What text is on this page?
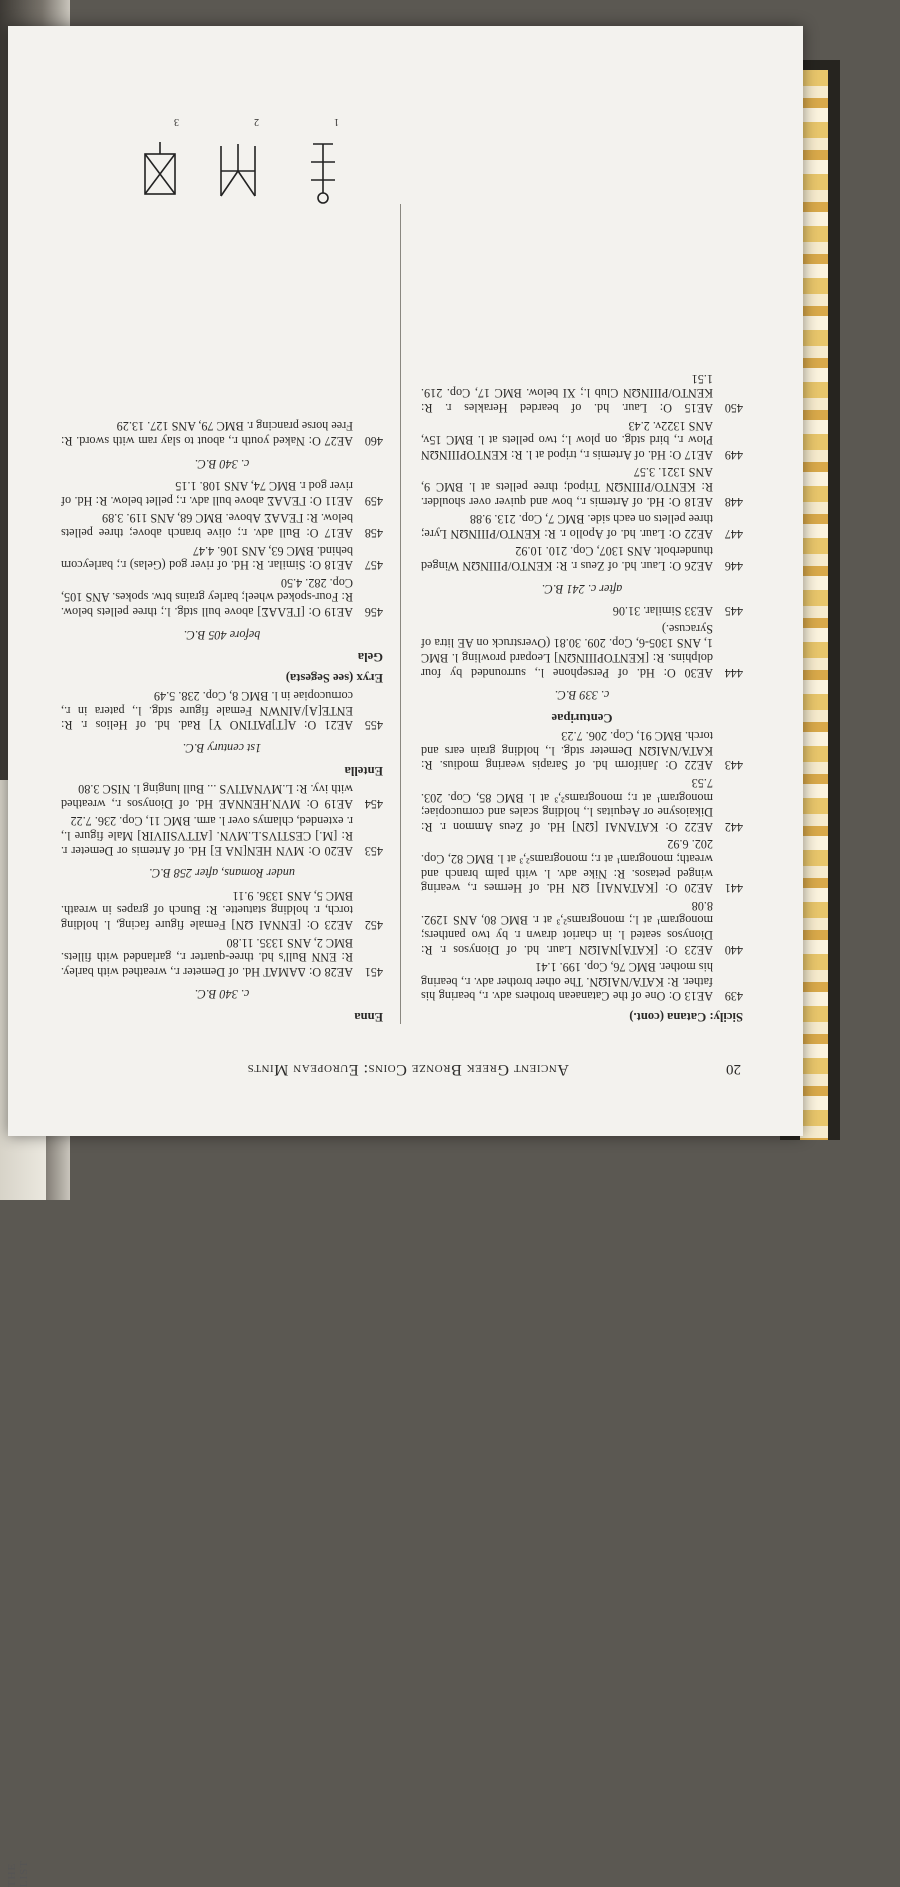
THE LIST
20
Ancient Greek Bronze Coins: European Mints
Sicily: Catana (cont.)
439
AE13 O: One of the Catanaean brothers adv. r., bearing his father. R: KATA/NAIΩN. The other brother adv. r., bearing his mother. BMC 76, Cop. 199. 1.41
440
AE23 O: [KATA]NAIΩN Laur. hd. of Dionysos r. R: Dionysos seated l. in chariot drawn r. by two panthers; monogram¹ at l.; monograms²,³ at r. BMC 80, ANS 1292. 8.08
441
AE20 O: [KATANAI] ΩN Hd. of Hermes r., wearing winged petasos. R: Nike adv. l. with palm branch and wreath; monogram¹ at r.; monograms²,³ at l. BMC 82, Cop. 202. 6.92
442
AE22 O: KATANAI [ΩN] Hd. of Zeus Ammon r. R: Dikaiosyne or Aequitas l., holding scales and cornucopiae; monogram¹ at r.; monograms²,³ at l. BMC 85, Cop. 203. 7.53
443
AE22 O: Janiform hd. of Sarapis wearing modius. R: KATA/NAIΩN Demeter stdg. l., holding grain ears and torch. BMC 91, Cop. 206. 7.23
Centuripae
c. 339 B.C.
444
AE30 O: Hd. of Persephone l., surrounded by four dolphins. R: [KENTOPIIINΩN] Leopard prowling l. BMC 1, ANS 1305-6, Cop. 209. 30.81 (Overstruck on AE litra of Syracuse.)
445
AE33 Similar. 31.06
after c. 241 B.C.
446
AE26 O: Laur. hd. of Zeus r. R: KENTO/PIIINΩN Winged thunderbolt. ANS 1307, Cop. 210. 10.92
447
AE22 O: Laur. hd. of Apollo r. R: KENTO/PIIINΩN Lyre; three pellets on each side. BMC 7, Cop. 213. 9.88
448
AE18 O: Hd. of Artemis r., bow and quiver over shoulder. R: KENTO/PIIINΩN Tripod; three pellets at l. BMC 9, ANS 1321. 3.57
449
AE17 O: Hd. of Artemis r., tripod at l. R: KENTOPIIINΩN Plow r., bird stdg. on plow l.; two pellets at l. BMC 15v, ANS 1322v. 2.43
450
AE15 O: Laur. hd. of bearded Herakles r. R: KENTO/PIIINΩN Club l.; XI below. BMC 17, Cop. 219. 1.51
Enna
c. 340 B.C.
451
AE28 O: ΔAMAT Hd. of Demeter r., wreathed with barley. R: ENN Bull's hd. three-quarter r., garlanded with fillets. BMC 2, ANS 1335. 11.80
452
AE23 O: [ENNAI ΩN] Female figure facing, l. holding torch, r. holding statuette. R: Bunch of grapes in wreath. BMC 5, ANS 1336. 9.11
under Romans, after 258 B.C.
453
AE20 O: MVN HEN[NA E] Hd. of Artemis or Demeter r. R: [M.] CESTIVS.L.MVN. [ATTVSIIVIR] Male figure l., r. extended, chlamys over l. arm. BMC 11, Cop. 236. 7.22
454
AE19 O: MVN.HENNAE Hd. of Dionysos r., wreathed with ivy. R: L.MVNATIVS ... Bull lunging l. NISC 3.80
Entella
1st century B.C.
455
AE21 O: A[T]PATINO Y] Rad. hd. of Helios r. R: ENTE[A]/AINWN Female figure stdg. l., patera in r., cornucopiae in l. BMC 8, Cop. 238. 5.49
Eryx (see Segesta)
Gela
before 405 B.C.
456
AE19 O: [ΓΕΛΑΣ] above bull stdg. l.; three pellets below. R: Four-spoked wheel; barley grains btw. spokes. ANS 105, Cop. 282. 4.50
457
AE18 O: Similar. R: Hd. of river god (Gelas) r.; barleycorn behind. BMC 63, ANS 106. 4.47
458
AE17 O: Bull adv. r.; olive branch above; three pellets below. R: ΓΕΛΑΣ Above. BMC 68, ANS 119. 3.89
459
AE11 O: ΓΕΛΑΣ above bull adv. r.; pellet below. R: Hd. of river god r. BMC 74, ANS 108. 1.15
c. 340 B.C.
460
AE27 O: Naked youth r., about to slay ram with sword. R: Free horse prancing r. BMC 79, ANS 127. 13.29
1
2
3
